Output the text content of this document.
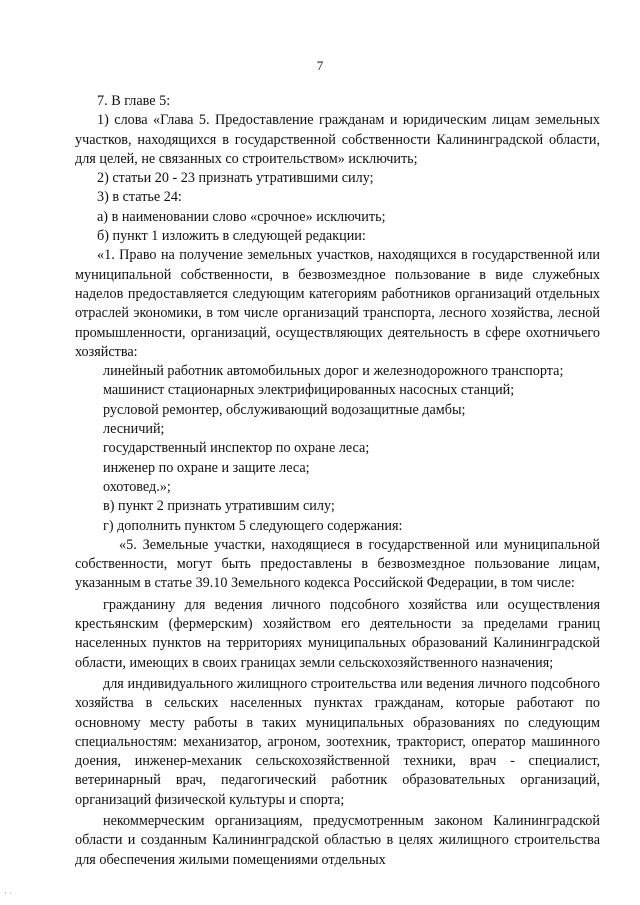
7

7. В главе 5:

1) слова «Глава 5. Предоставление гражданам и юридическим лицам земельных участков, находящихся в государственной собственности Калининградской области, для целей, не связанных со строительством» исключить;

2) статьи 20 - 23 признать утратившими силу;

3) в статье 24:

а) в наименовании слово «срочное» исключить;

б) пункт 1 изложить в следующей редакции:

«1. Право на получение земельных участков, находящихся в государственной или муниципальной собственности, в безвозмездное пользование в виде служебных наделов предоставляется следующим категориям работников организаций отдельных отраслей экономики, в том числе организаций транспорта, лесного хозяйства, лесной промышленности, организаций, осуществляющих деятельность в сфере охотничьего хозяйства:

линейный работник автомобильных дорог и железнодорожного транспорта;

машинист стационарных электрифицированных насосных станций;

русловой ремонтер, обслуживающий водозащитные дамбы;

лесничий;

государственный инспектор по охране леса;

инженер по охране и защите леса;

охотовед.»;

в) пункт 2 признать утратившим силу;

г) дополнить пунктом 5 следующего содержания:

«5. Земельные участки, находящиеся в государственной или муниципальной собственности, могут быть предоставлены в безвозмездное пользование лицам, указанным в статье 39.10 Земельного кодекса Российской Федерации, в том числе:

гражданину для ведения личного подсобного хозяйства или осуществления крестьянским (фермерским) хозяйством его деятельности за пределами границ населенных пунктов на территориях муниципальных образований Калининградской области, имеющих в своих границах земли сельскохозяйственного назначения;

для индивидуального жилищного строительства или ведения личного подсобного хозяйства в сельских населенных пунктах гражданам, которые работают по основному месту работы в таких муниципальных образованиях по следующим специальностям: механизатор, агроном, зоотехник, тракторист, оператор машинного доения, инженер-механик сельскохозяйственной техники, врач - специалист, ветеринарный врач, педагогический работник образовательных организаций, организаций физической культуры и спорта;

некоммерческим организациям, предусмотренным законом Калининградской области и созданным Калининградской областью в целях жилищного строительства для обеспечения жилыми помещениями отдельных

· ·
